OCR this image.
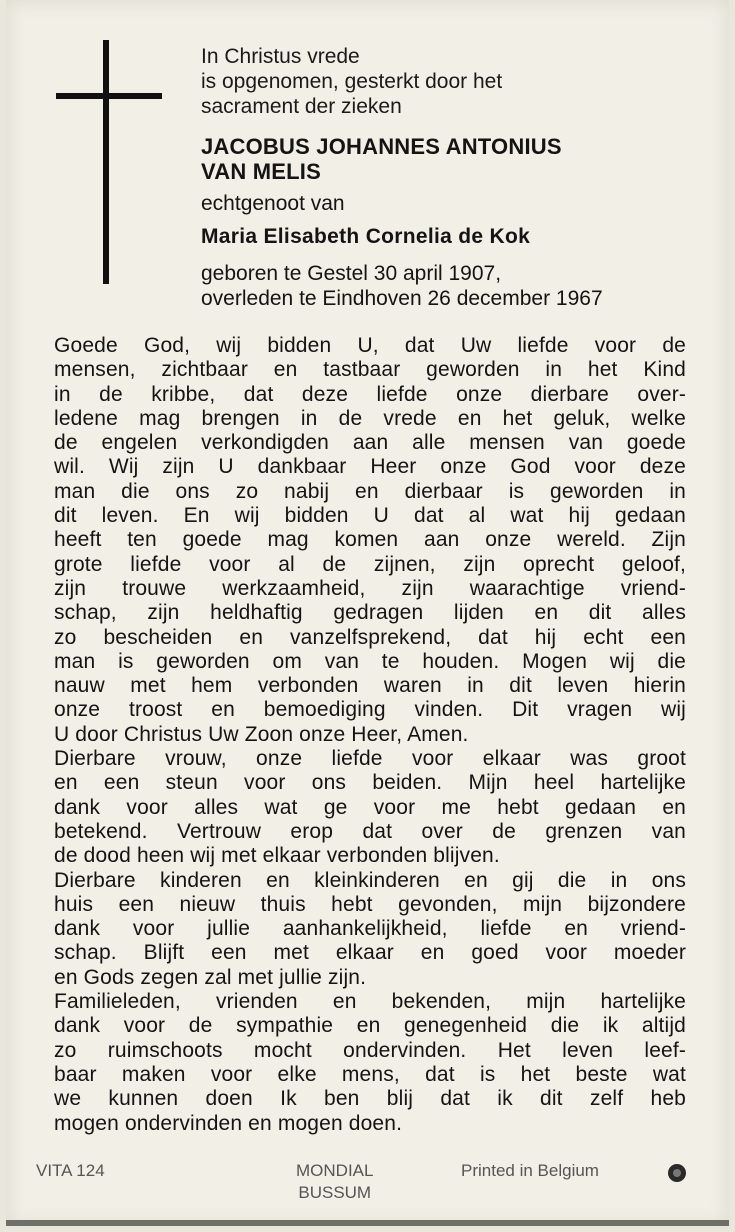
In Christus vrede
is opgenomen, gesterkt door het
sacrament der zieken
JACOBUS JOHANNES ANTONIUS
VAN MELIS
echtgenoot van
Maria Elisabeth Cornelia de Kok
geboren te Gestel 30 april 1907,
overleden te Eindhoven 26 december 1967
Goede God, wij bidden U, dat Uw liefde voor de
mensen, zichtbaar en tastbaar geworden in het Kind
in de kribbe, dat deze liefde onze dierbare over-
ledene mag brengen in de vrede en het geluk, welke
de engelen verkondigden aan alle mensen van goede
wil. Wij zijn U dankbaar Heer onze God voor deze
man die ons zo nabij en dierbaar is geworden in
dit leven. En wij bidden U dat al wat hij gedaan
heeft ten goede mag komen aan onze wereld. Zijn
grote liefde voor al de zijnen, zijn oprecht geloof,
zijn trouwe werkzaamheid, zijn waarachtige vriend-
schap, zijn heldhaftig gedragen lijden en dit alles
zo bescheiden en vanzelfsprekend, dat hij echt een
man is geworden om van te houden. Mogen wij die
nauw met hem verbonden waren in dit leven hierin
onze troost en bemoediging vinden. Dit vragen wij
U door Christus Uw Zoon onze Heer, Amen.
Dierbare vrouw, onze liefde voor elkaar was groot
en een steun voor ons beiden. Mijn heel hartelijke
dank voor alles wat ge voor me hebt gedaan en
betekend. Vertrouw erop dat over de grenzen van
de dood heen wij met elkaar verbonden blijven.
Dierbare kinderen en kleinkinderen en gij die in ons
huis een nieuw thuis hebt gevonden, mijn bijzondere
dank voor jullie aanhankelijkheid, liefde en vriend-
schap. Blijft een met elkaar en goed voor moeder
en Gods zegen zal met jullie zijn.
Familieleden, vrienden en bekenden, mijn hartelijke
dank voor de sympathie en genegenheid die ik altijd
zo ruimschoots mocht ondervinden. Het leven leef-
baar maken voor elke mens, dat is het beste wat
we kunnen doen Ik ben blij dat ik dit zelf heb
mogen ondervinden en mogen doen.
VITA 124	MONDIAL
BUSSUM
Printed in Belgium
